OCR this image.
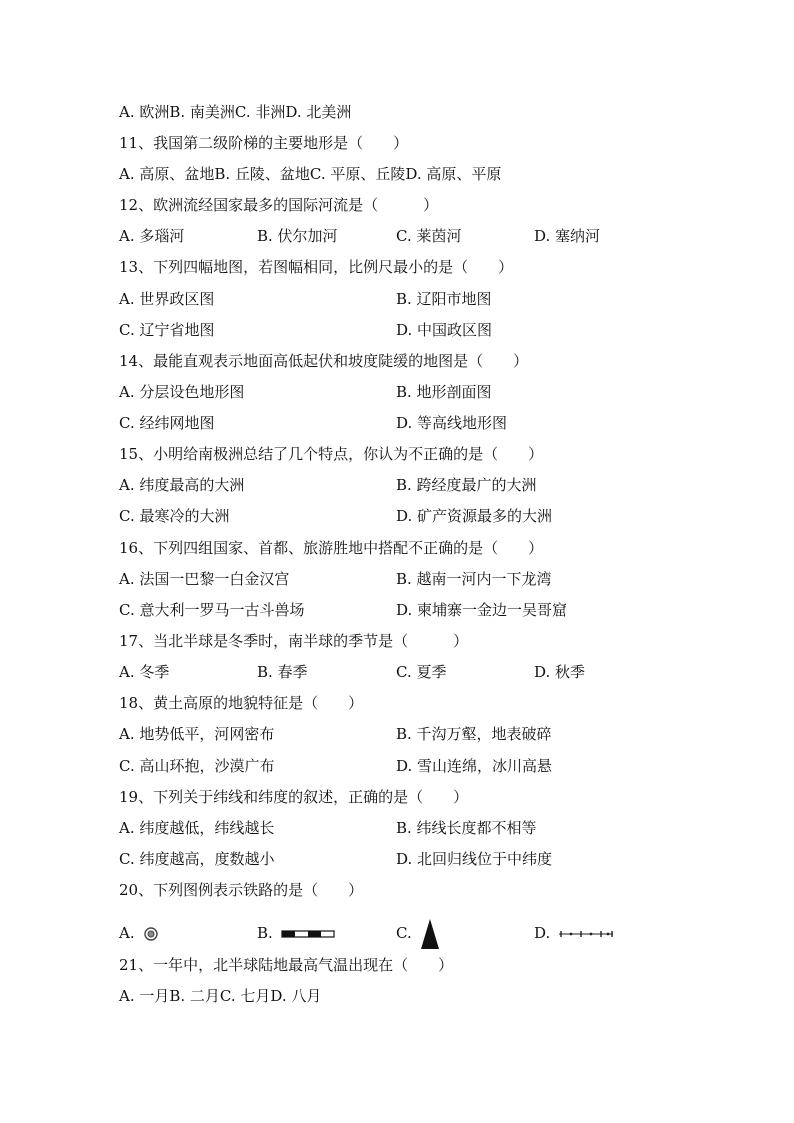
A. 欧洲B. 南美洲C. 非洲D. 北美洲
11、我国第二级阶梯的主要地形是（　　）
A. 高原、盆地B. 丘陵、盆地C. 平原、丘陵D. 高原、平原
12、欧洲流经国家最多的国际河流是（　　　）
A. 多瑙河	B. 伏尔加河	C. 莱茵河	D. 塞纳河
13、下列四幅地图，若图幅相同，比例尺最小的是（　　）
A. 世界政区图	B. 辽阳市地图
C. 辽宁省地图	D. 中国政区图
14、最能直观表示地面高低起伏和坡度陡缓的地图是（　　）
A. 分层设色地形图	B. 地形剖面图
C. 经纬网地图	D. 等高线地形图
15、小明给南极洲总结了几个特点，你认为不正确的是（　　）
A. 纬度最高的大洲	B. 跨经度最广的大洲
C. 最寒冷的大洲	D. 矿产资源最多的大洲
16、下列四组国家、首都、旅游胜地中搭配不正确的是（　　）
A. 法国一巴黎一白金汉宫	B. 越南一河内一下龙湾
C. 意大利一罗马一古斗兽场	D. 柬埔寨一金边一吴哥窟
17、当北半球是冬季时，南半球的季节是（　　　）
A. 冬季	B. 春季	C. 夏季	D. 秋季
18、黄土高原的地貌特征是（　　）
A. 地势低平，河网密布	B. 千沟万壑，地表破碎
C. 高山环抱，沙漠广布	D. 雪山连绵，冰川高悬
19、下列关于纬线和纬度的叙述，正确的是（　　）
A. 纬度越低，纬线越长	B. 纬线长度都不相等
C. 纬度越高，度数越小	D. 北回归线位于中纬度
20、下列图例表示铁路的是（　　）
A.	B.	C.	D.
21、一年中，北半球陆地最高气温出现在（　　）
A. 一月B. 二月C. 七月D. 八月
